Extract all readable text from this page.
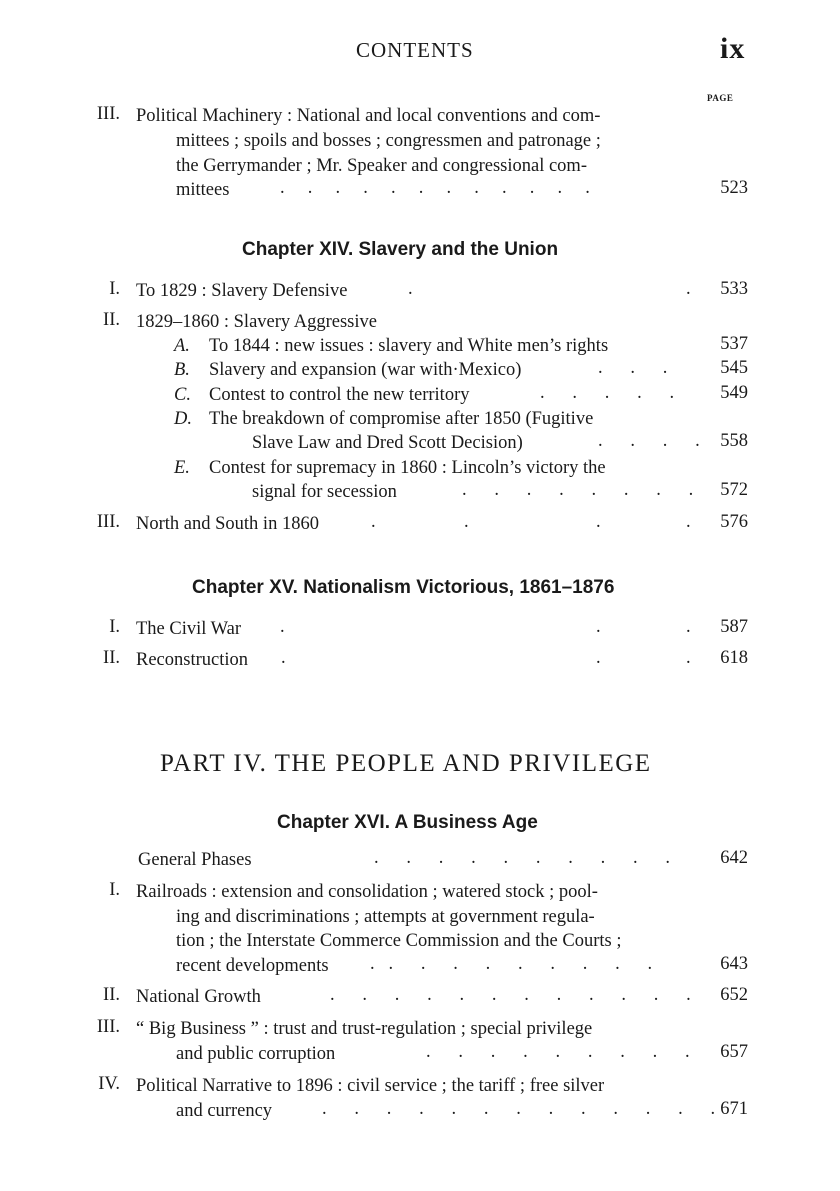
CONTENTS	ix
PAGE
III. Political Machinery : National and local conventions and com-
mittees ; spoils and bosses ; congressmen and patronage ;
the Gerrymander ; Mr. Speaker and congressional com-
mittees	.     .     .     .     .     .     .     .     .     .     .     .	523
Chapter XIV. Slavery and the Union
I. To 1829 : Slavery Defensive	.	.	533
II. 1829–1860 : Slavery Aggressive
A. To 1844 : new issues : slavery and White men’s rights	537
B. Slavery and expansion (war with·Mexico)	.      .      .	545
C. Contest to control the new territory	.      .      .      .      .	549
D. The breakdown of compromise after 1850 (Fugitive
Slave Law and Dred Scott Decision)	.      .      .      .	558
E. Contest for supremacy in 1860 : Lincoln’s victory the
signal for secession	.      .      .      .      .      .      .      .	572
III. North and South in 1860	.	.	.	.	576
Chapter XV. Nationalism Victorious, 1861–1876
I. The Civil War .	.	.	587
II. Reconstruction .	.	.	618
PART IV. THE PEOPLE AND PRIVILEGE
Chapter XVI. A Business Age
General Phases	.      .      .      .      .      .      .      .      .      .	642
I. Railroads : extension and consolidation ; watered stock ; pool-
ing and discriminations ; attempts at government regula-
tion ; the Interstate Commerce Commission and the Courts ;
recent developments .   .      .      .      .      .      .      .      .      .	643
II. National Growth	.      .      .      .      .      .      .      .      .      .      .      .	652
III. “ Big Business ” : trust and trust-regulation ; special privilege
and public corruption	.      .      .      .      .      .      .      .      .	657
IV. Political Narrative to 1896 : civil service ; the tariff ; free silver
and currency	.      .      .      .      .      .      .      .      .      .      .      .      . 671
